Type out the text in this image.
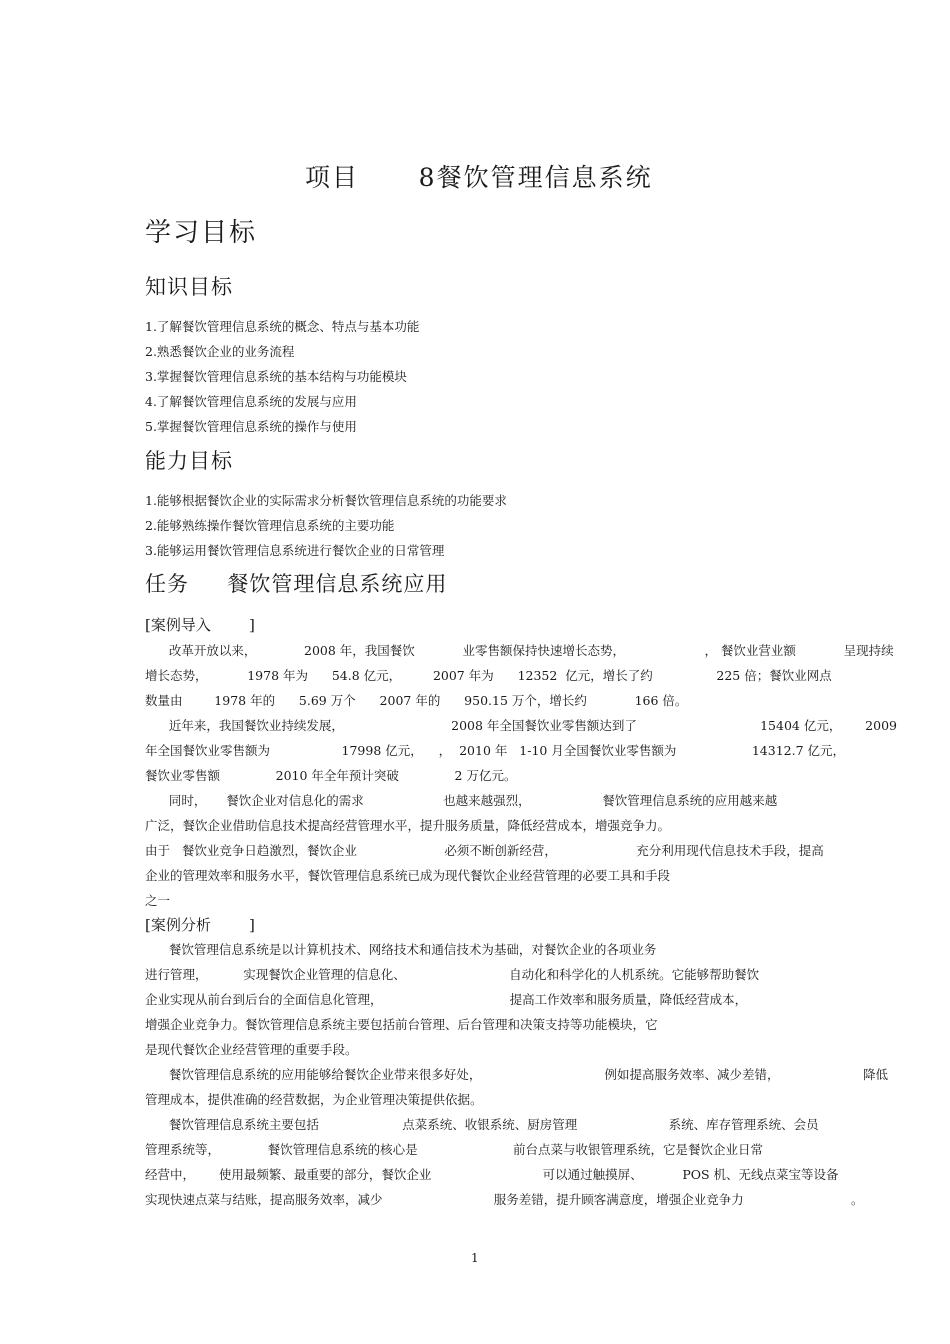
项目      8餐饮管理信息系统
学习目标
知识目标
1.了解餐饮管理信息系统的概念、特点与基本功能
2.熟悉餐饮企业的业务流程
3.掌握餐饮管理信息系统的基本结构与功能模块
4.了解餐饮管理信息系统的发展与应用
5.掌握餐饮管理信息系统的操作与使用
能力目标
1.能够根据餐饮企业的实际需求分析餐饮管理信息系统的功能要求
2.能够熟练操作餐饮管理信息系统的主要功能
3.能够运用餐饮管理信息系统进行餐饮企业的日常管理
任务     餐饮管理信息系统应用
[案例导入        ]
改革开放以来，            2008 年，我国餐饮            业零售额保持快速增长态势，                    ， 餐饮业营业额            呈现持续
增长态势，          1978 年为      54.8 亿元，        2007 年为      12352  亿元，增长了约                225 倍；餐饮业网点
数量由        1978 年的      5.69 万个      2007 年的      950.15 万个，增长约            166 倍。
近年来，我国餐饮业持续发展，                           2008 年全国餐饮业零售额达到了                               15404 亿元，      2009
年全国餐饮业零售额为                  17998 亿元，    ，  2010 年   1-10 月全国餐饮业零售额为                   14312.7 亿元，
餐饮业零售额              2010 年全年预计突破              2 万亿元。
同时，     餐饮企业对信息化的需求                    也越来越强烈，                  餐饮管理信息系统的应用越来越
广泛，餐饮企业借助信息技术提高经营管理水平，提升服务质量，降低经营成本，增强竞争力。
由于   餐饮业竞争日趋激烈，餐饮企业                      必须不断创新经营，                    充分利用现代信息技术手段，提高
企业的管理效率和服务水平，餐饮管理信息系统已成为现代餐饮企业经营管理的必要工具和手段
之一
[案例分析        ]
餐饮管理信息系统是以计算机技术、网络技术和通信技术为基础，对餐饮企业的各项业务
进行管理，         实现餐饮企业管理的信息化、                          自动化和科学化的人机系统。它能够帮助餐饮
企业实现从前台到后台的全面信息化管理，                                提高工作效率和服务质量，降低经营成本，
增强企业竞争力。餐饮管理信息系统主要包括前台管理、后台管理和决策支持等功能模块，它
是现代餐饮企业经营管理的重要手段。
餐饮管理信息系统的应用能够给餐饮企业带来很多好处，                               例如提高服务效率、减少差错，                     降低
管理成本，提供准确的经营数据，为企业管理决策提供依据。
餐饮管理信息系统主要包括                     点菜系统、收银系统、厨房管理                       系统、库存管理系统、会员
管理系统等，            餐饮管理信息系统的核心是                        前台点菜与收银管理系统，它是餐饮企业日常
经营中，      使用最频繁、最重要的部分，餐饮企业                            可以通过触摸屏、          POS 机、无线点菜宝等设备
实现快速点菜与结账，提高服务效率，减少                            服务差错，提升顾客满意度，增强企业竞争力                           。
1
